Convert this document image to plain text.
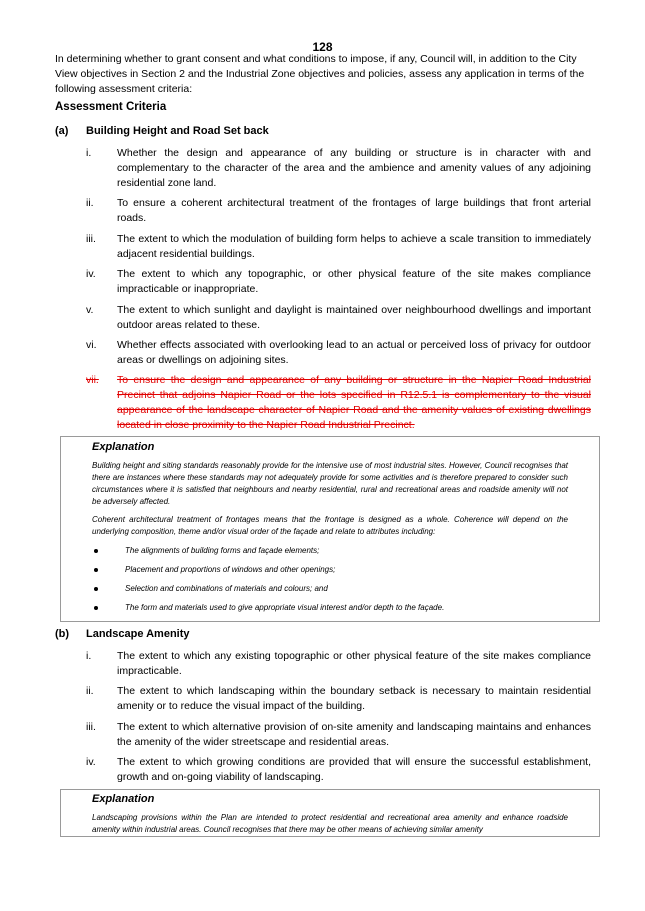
128
In determining whether to grant consent and what conditions to impose, if any, Council will, in addition to the City View objectives in Section 2 and the Industrial Zone objectives and policies, assess any application in terms of the following assessment criteria:
Assessment Criteria
(a) Building Height and Road Set back
i.	Whether the design and appearance of any building or structure is in character with and complementary to the character of the area and the ambience and amenity values of any adjoining residential zone land.
ii.	To ensure a coherent architectural treatment of the frontages of large buildings that front arterial roads.
iii.	The extent to which the modulation of building form helps to achieve a scale transition to immediately adjacent residential buildings.
iv.	The extent to which any topographic, or other physical feature of the site makes compliance impracticable or inappropriate.
v.	The extent to which sunlight and daylight is maintained over neighbourhood dwellings and important outdoor areas related to these.
vi.	Whether effects associated with overlooking lead to an actual or perceived loss of privacy for outdoor areas or dwellings on adjoining sites.
vii.	To ensure the design and appearance of any building or structure in the Napier Road Industrial Precinct that adjoins Napier Road or the lots specified in R12.5.1 is complementary to the visual appearance of the landscape character of Napier Road and the amenity values of existing dwellings located in close proximity to the Napier Road Industrial Precinct.
Explanation
Building height and siting standards reasonably provide for the intensive use of most industrial sites. However, Council recognises that there are instances where these standards may not adequately provide for some activities and is therefore prepared to consider such circumstances where it is satisfied that neighbours and nearby residential, rural and recreational areas and roadside amenity will not be adversely affected.
Coherent architectural treatment of frontages means that the frontage is designed as a whole. Coherence will depend on the underlying composition, theme and/or visual order of the façade and relate to attributes including:
The alignments of building forms and façade elements;
Placement and proportions of windows and other openings;
Selection and combinations of materials and colours; and
The form and materials used to give appropriate visual interest and/or depth to the façade.
(b) Landscape Amenity
i.	The extent to which any existing topographic or other physical feature of the site makes compliance impracticable.
ii.	The extent to which landscaping within the boundary setback is necessary to maintain residential amenity or to reduce the visual impact of the building.
iii.	The extent to which alternative provision of on-site amenity and landscaping maintains and enhances the amenity of the wider streetscape and residential areas.
iv.	The extent to which growing conditions are provided that will ensure the successful establishment, growth and on-going viability of landscaping.
Explanation
Landscaping provisions within the Plan are intended to protect residential and recreational area amenity and enhance roadside amenity within industrial areas. Council recognises that there may be other means of achieving similar amenity
